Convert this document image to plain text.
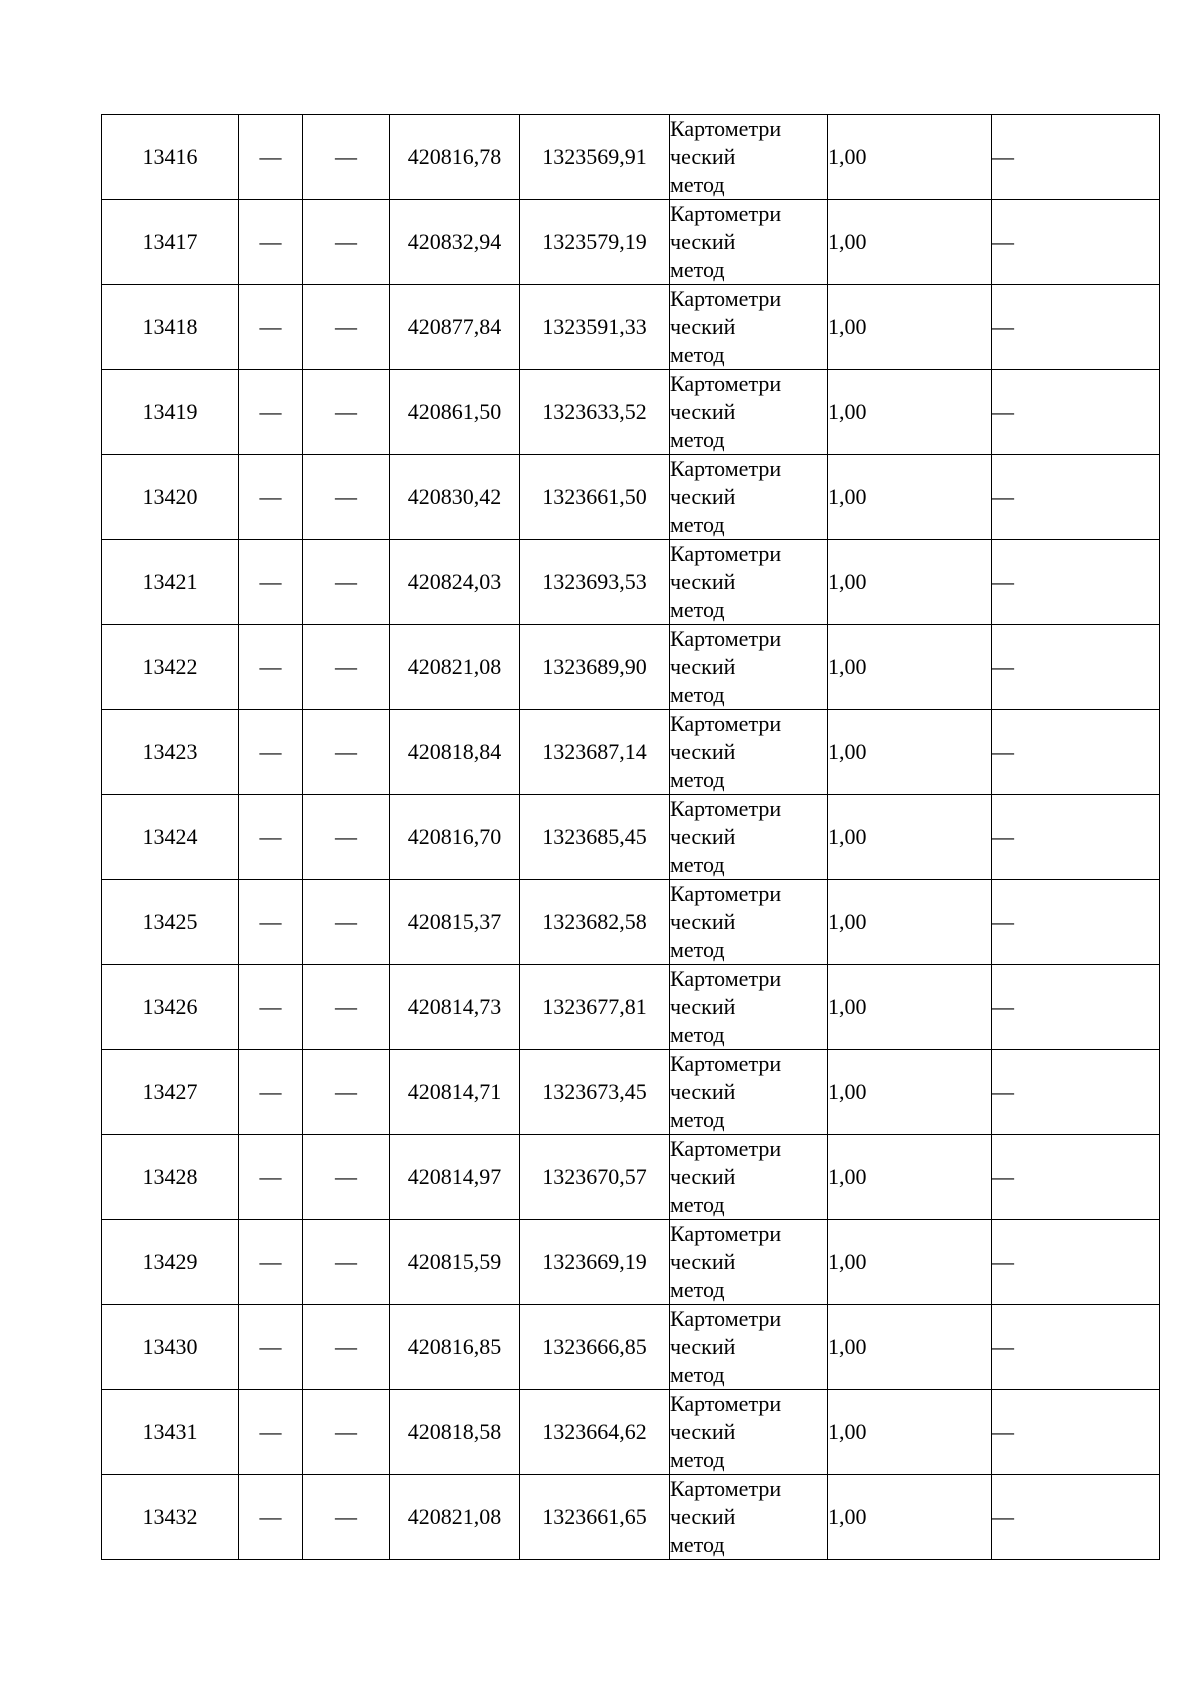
13416	—	—	420816,78	1323569,91	Картометри
ческий
метод	1,00	—
13417	—	—	420832,94	1323579,19	Картометри
ческий
метод	1,00	—
13418	—	—	420877,84	1323591,33	Картометри
ческий
метод	1,00	—
13419	—	—	420861,50	1323633,52	Картометри
ческий
метод	1,00	—
13420	—	—	420830,42	1323661,50	Картометри
ческий
метод	1,00	—
13421	—	—	420824,03	1323693,53	Картометри
ческий
метод	1,00	—
13422	—	—	420821,08	1323689,90	Картометри
ческий
метод	1,00	—
13423	—	—	420818,84	1323687,14	Картометри
ческий
метод	1,00	—
13424	—	—	420816,70	1323685,45	Картометри
ческий
метод	1,00	—
13425	—	—	420815,37	1323682,58	Картометри
ческий
метод	1,00	—
13426	—	—	420814,73	1323677,81	Картометри
ческий
метод	1,00	—
13427	—	—	420814,71	1323673,45	Картометри
ческий
метод	1,00	—
13428	—	—	420814,97	1323670,57	Картометри
ческий
метод	1,00	—
13429	—	—	420815,59	1323669,19	Картометри
ческий
метод	1,00	—
13430	—	—	420816,85	1323666,85	Картометри
ческий
метод	1,00	—
13431	—	—	420818,58	1323664,62	Картометри
ческий
метод	1,00	—
13432	—	—	420821,08	1323661,65	Картометри
ческий
метод	1,00	—
